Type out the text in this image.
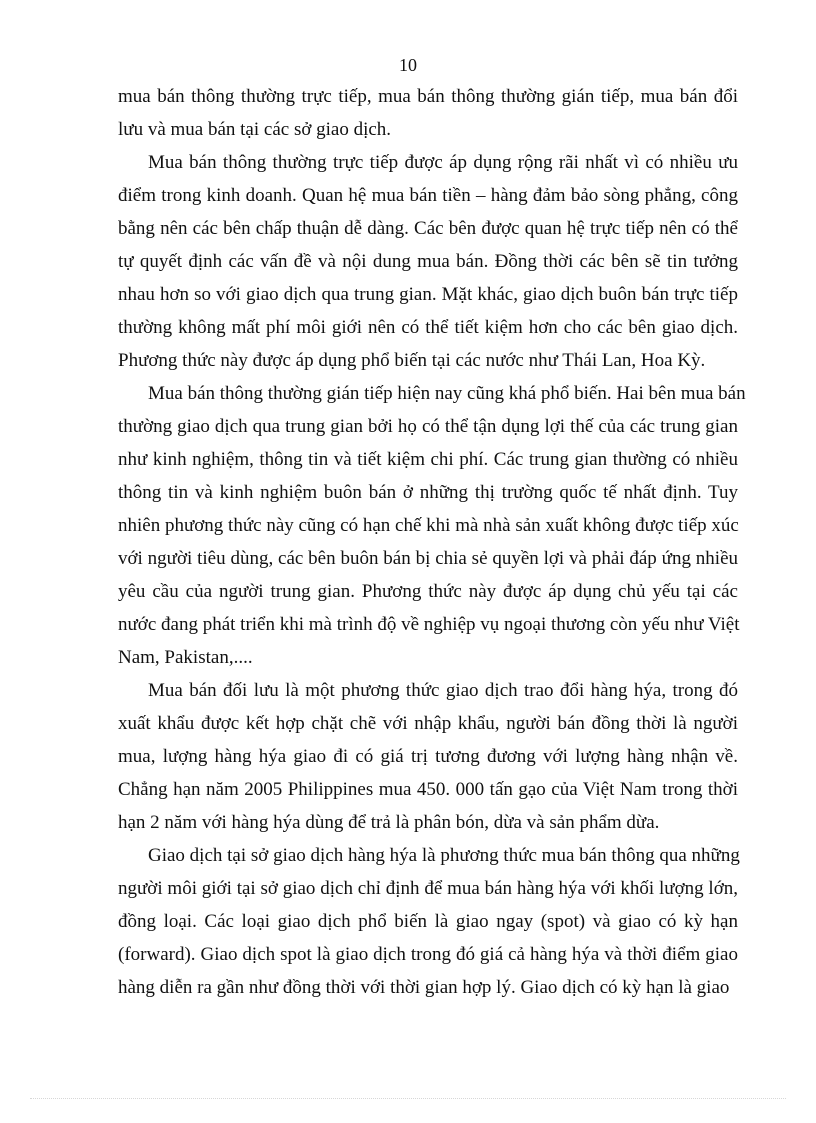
10

mua bán thông thường trực tiếp, mua bán thông thường gián tiếp, mua bán đổi
lưu và mua bán tại các sở giao dịch.

Mua bán thông thường trực tiếp được áp dụng rộng rãi nhất vì có nhiều ưu
điểm trong kinh doanh. Quan hệ mua bán tiền – hàng đảm bảo sòng phẳng, công
bằng nên các bên chấp thuận dễ dàng. Các bên được quan hệ trực tiếp nên có thể
tự quyết định các vấn đề và nội dung mua bán. Đồng thời các bên sẽ tin tưởng
nhau hơn so với giao dịch qua trung gian. Mặt khác, giao dịch buôn bán trực tiếp
thường không mất phí môi giới nên có thể tiết kiệm hơn cho các bên giao dịch.
Phương thức này được áp dụng phổ biến tại các nước như Thái Lan, Hoa Kỳ.

Mua bán thông thường gián tiếp hiện nay cũng khá phổ biến. Hai bên mua bán
thường giao dịch qua trung gian bởi họ có thể tận dụng lợi thế của các trung gian
như kinh nghiệm, thông tin và tiết kiệm chi phí. Các trung gian thường có nhiều
thông tin và kinh nghiệm buôn bán ở những thị trường quốc tế nhất định. Tuy
nhiên phương thức này cũng có hạn chế khi mà nhà sản xuất không được tiếp xúc
với người tiêu dùng, các bên buôn bán bị chia sẻ quyền lợi và phải đáp ứng nhiều
yêu cầu của người trung gian. Phương thức này được áp dụng chủ yếu tại các
nước đang phát triển khi mà trình độ về nghiệp vụ ngoại thương còn yếu như Việt
Nam, Pakistan,....

Mua bán đối lưu là một phương thức giao dịch trao đổi hàng hýa, trong đó
xuất khẩu được kết hợp chặt chẽ với nhập khẩu, người bán đồng thời là người
mua, lượng hàng hýa giao đi có giá trị tương đương với lượng hàng nhận về.
Chẳng hạn năm 2005 Philippines mua 450. 000 tấn gạo của Việt Nam trong thời
hạn 2 năm với hàng hýa dùng để trả là phân bón, dừa và sản phẩm dừa.

Giao dịch tại sở giao dịch hàng hýa là phương thức mua bán thông qua những
người môi giới tại sở giao dịch chỉ định để mua bán hàng hýa với khối lượng lớn,
đồng loại. Các loại giao dịch phổ biến là giao ngay (spot) và giao có kỳ hạn
(forward). Giao dịch spot là giao dịch trong đó giá cả hàng hýa và thời điểm giao
hàng diễn ra gần như đồng thời với thời gian hợp lý. Giao dịch có kỳ hạn là giao
